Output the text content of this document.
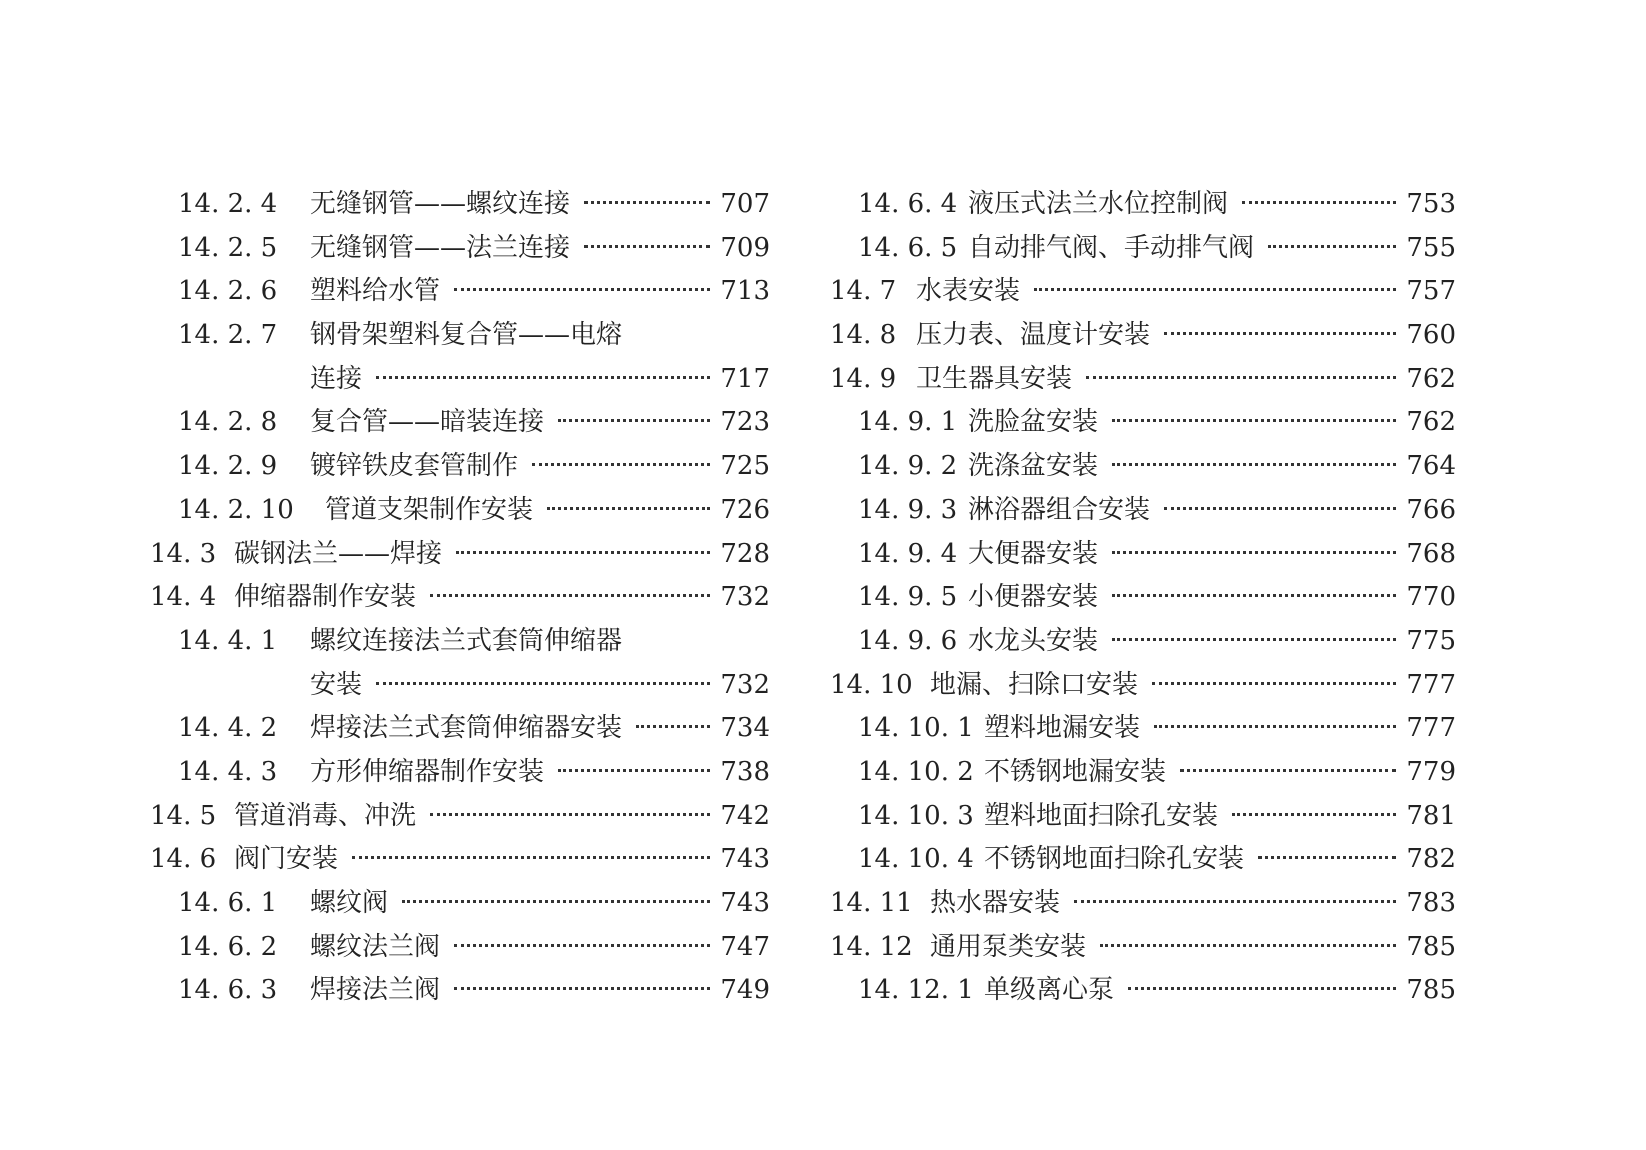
14. 2. 4	无缝钢管——螺纹连接	707
14. 2. 5	无缝钢管——法兰连接	709
14. 2. 6	塑料给水管	713
14. 2. 7	钢骨架塑料复合管——电熔
连接	717
14. 2. 8	复合管——暗装连接	723
14. 2. 9	镀锌铁皮套管制作	725
14. 2. 10	管道支架制作安装	726
14. 3 碳钢法兰——焊接	728
14. 4 伸缩器制作安装	732
14. 4. 1	螺纹连接法兰式套筒伸缩器
安装	732
14. 4. 2	焊接法兰式套筒伸缩器安装	734
14. 4. 3	方形伸缩器制作安装	738
14. 5 管道消毒、冲洗	742
14. 6 阀门安装	743
14. 6. 1	螺纹阀	743
14. 6. 2	螺纹法兰阀	747
14. 6. 3	焊接法兰阀	749
14. 6. 4 液压式法兰水位控制阀	753
14. 6. 5 自动排气阀、手动排气阀	755
14. 7 水表安装	757
14. 8 压力表、温度计安装	760
14. 9 卫生器具安装	762
14. 9. 1 洗脸盆安装	762
14. 9. 2 洗涤盆安装	764
14. 9. 3 淋浴器组合安装	766
14. 9. 4 大便器安装	768
14. 9. 5 小便器安装	770
14. 9. 6 水龙头安装	775
14. 10 地漏、扫除口安装	777
14. 10. 1 塑料地漏安装	777
14. 10. 2 不锈钢地漏安装	779
14. 10. 3 塑料地面扫除孔安装	781
14. 10. 4 不锈钢地面扫除孔安装	782
14. 11 热水器安装	783
14. 12 通用泵类安装	785
14. 12. 1 单级离心泵	785
